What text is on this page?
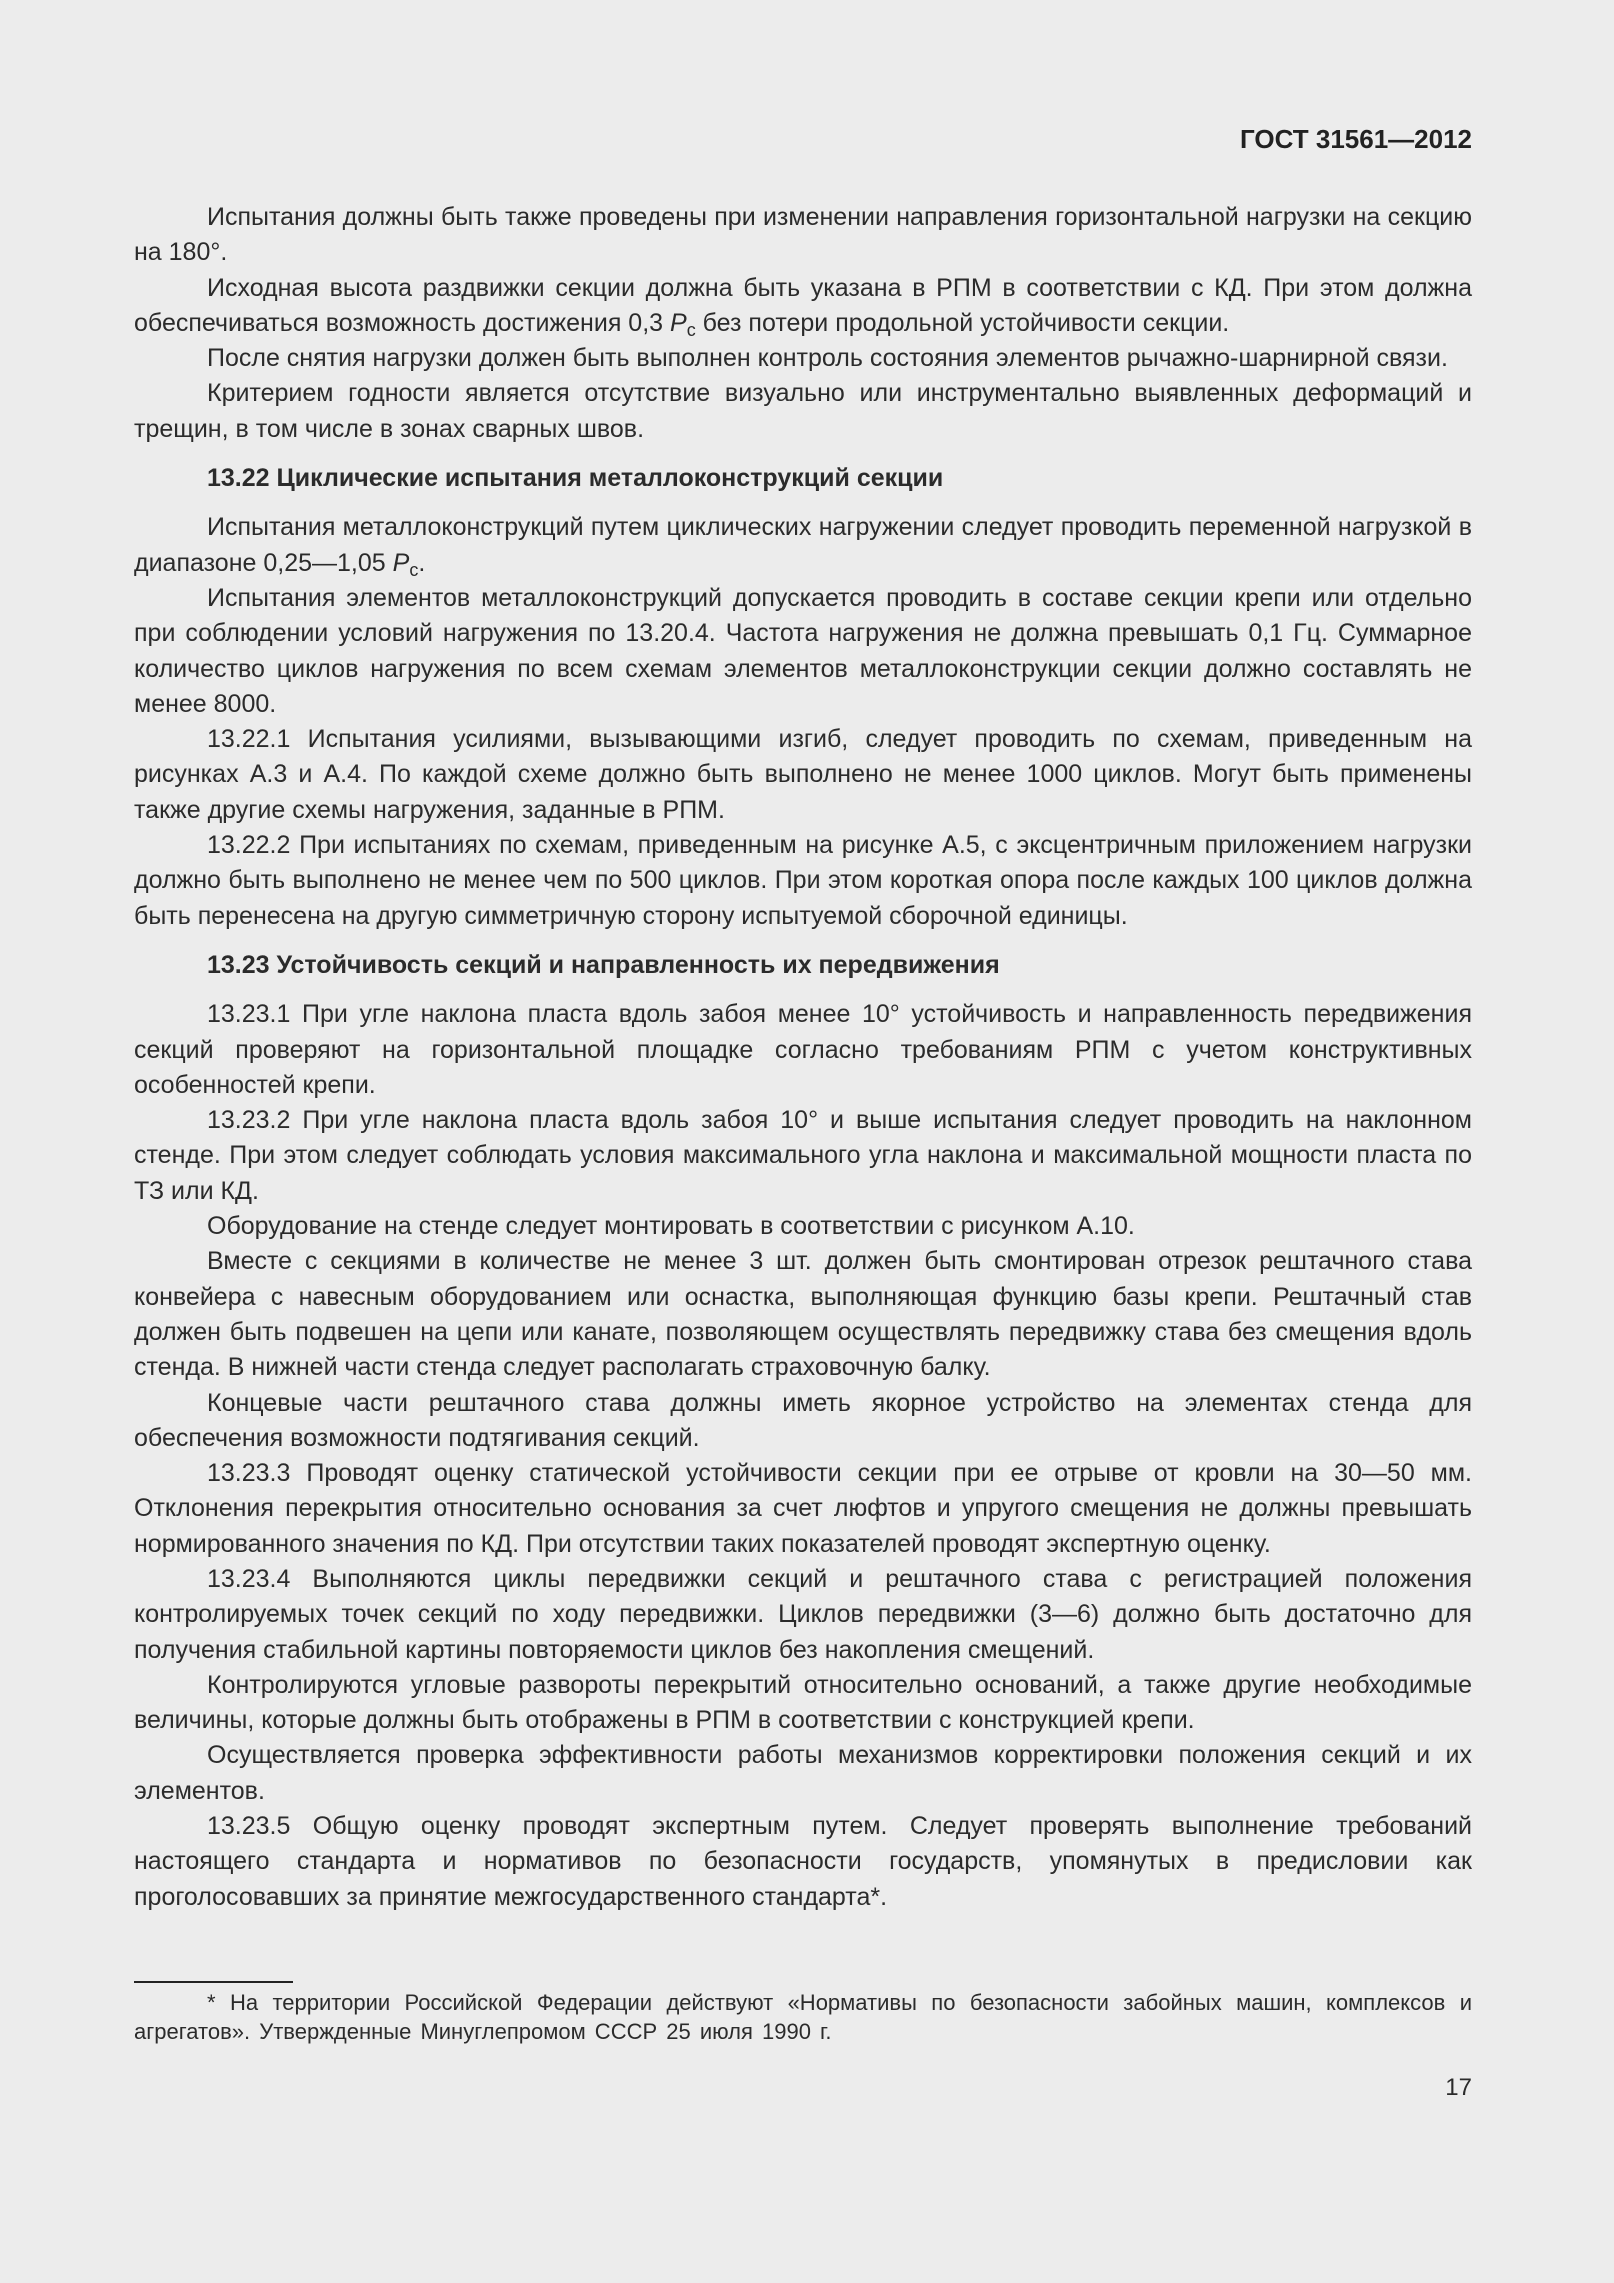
ГОСТ 31561—2012

Испытания должны быть также проведены при изменении направления горизонтальной нагрузки на секцию на 180°.

Исходная высота раздвижки секции должна быть указана в РПМ в соответствии с КД. При этом должна обеспечиваться возможность достижения 0,3 $P_с$ без потери продольной устойчивости секции.

После снятия нагрузки должен быть выполнен контроль состояния элементов рычажно-шарнирной связи.

Критерием годности является отсутствие визуально или инструментально выявленных деформаций и трещин, в том числе в зонах сварных швов.

13.22 Циклические испытания металлоконструкций секции

Испытания металлоконструкций путем циклических нагружении следует проводить переменной нагрузкой в диапазоне 0,25—1,05 $P_с$.

Испытания элементов металлоконструкций допускается проводить в составе секции крепи или отдельно при соблюдении условий нагружения по 13.20.4. Частота нагружения не должна превышать 0,1 Гц. Суммарное количество циклов нагружения по всем схемам элементов металлоконструкции секции должно составлять не менее 8000.

13.22.1 Испытания усилиями, вызывающими изгиб, следует проводить по схемам, приведенным на рисунках А.3 и А.4. По каждой схеме должно быть выполнено не менее 1000 циклов. Могут быть применены также другие схемы нагружения, заданные в РПМ.

13.22.2 При испытаниях по схемам, приведенным на рисунке А.5, с эксцентричным приложением нагрузки должно быть выполнено не менее чем по 500 циклов. При этом короткая опора после каждых 100 циклов должна быть перенесена на другую симметричную сторону испытуемой сборочной единицы.

13.23 Устойчивость секций и направленность их передвижения

13.23.1 При угле наклона пласта вдоль забоя менее 10° устойчивость и направленность передвижения секций проверяют на горизонтальной площадке согласно требованиям РПМ с учетом конструктивных особенностей крепи.

13.23.2 При угле наклона пласта вдоль забоя 10° и выше испытания следует проводить на наклонном стенде. При этом следует соблюдать условия максимального угла наклона и максимальной мощности пласта по ТЗ или КД.

Оборудование на стенде следует монтировать в соответствии с рисунком А.10.

Вместе с секциями в количестве не менее 3 шт. должен быть смонтирован отрезок рештачного става конвейера с навесным оборудованием или оснастка, выполняющая функцию базы крепи. Рештачный став должен быть подвешен на цепи или канате, позволяющем осуществлять передвижку става без смещения вдоль стенда. В нижней части стенда следует располагать страховочную балку.

Концевые части рештачного става должны иметь якорное устройство на элементах стенда для обеспечения возможности подтягивания секций.

13.23.3 Проводят оценку статической устойчивости секции при ее отрыве от кровли на 30—50 мм. Отклонения перекрытия относительно основания за счет люфтов и упругого смещения не должны превышать нормированного значения по КД. При отсутствии таких показателей проводят экспертную оценку.

13.23.4 Выполняются циклы передвижки секций и рештачного става с регистрацией положения контролируемых точек секций по ходу передвижки. Циклов передвижки (3—6) должно быть достаточно для получения стабильной картины повторяемости циклов без накопления смещений.

Контролируются угловые развороты перекрытий относительно оснований, а также другие необходимые величины, которые должны быть отображены в РПМ в соответствии с конструкцией крепи.

Осуществляется проверка эффективности работы механизмов корректировки положения секций и их элементов.

13.23.5 Общую оценку проводят экспертным путем. Следует проверять выполнение требований настоящего стандарта и нормативов по безопасности государств, упомянутых в предисловии как проголосовавших за принятие межгосударственного стандарта*.

* На территории Российской Федерации действуют «Нормативы по безопасности забойных машин, комплексов и агрегатов». Утвержденные Минуглепромом СССР 25 июля 1990 г.

17
